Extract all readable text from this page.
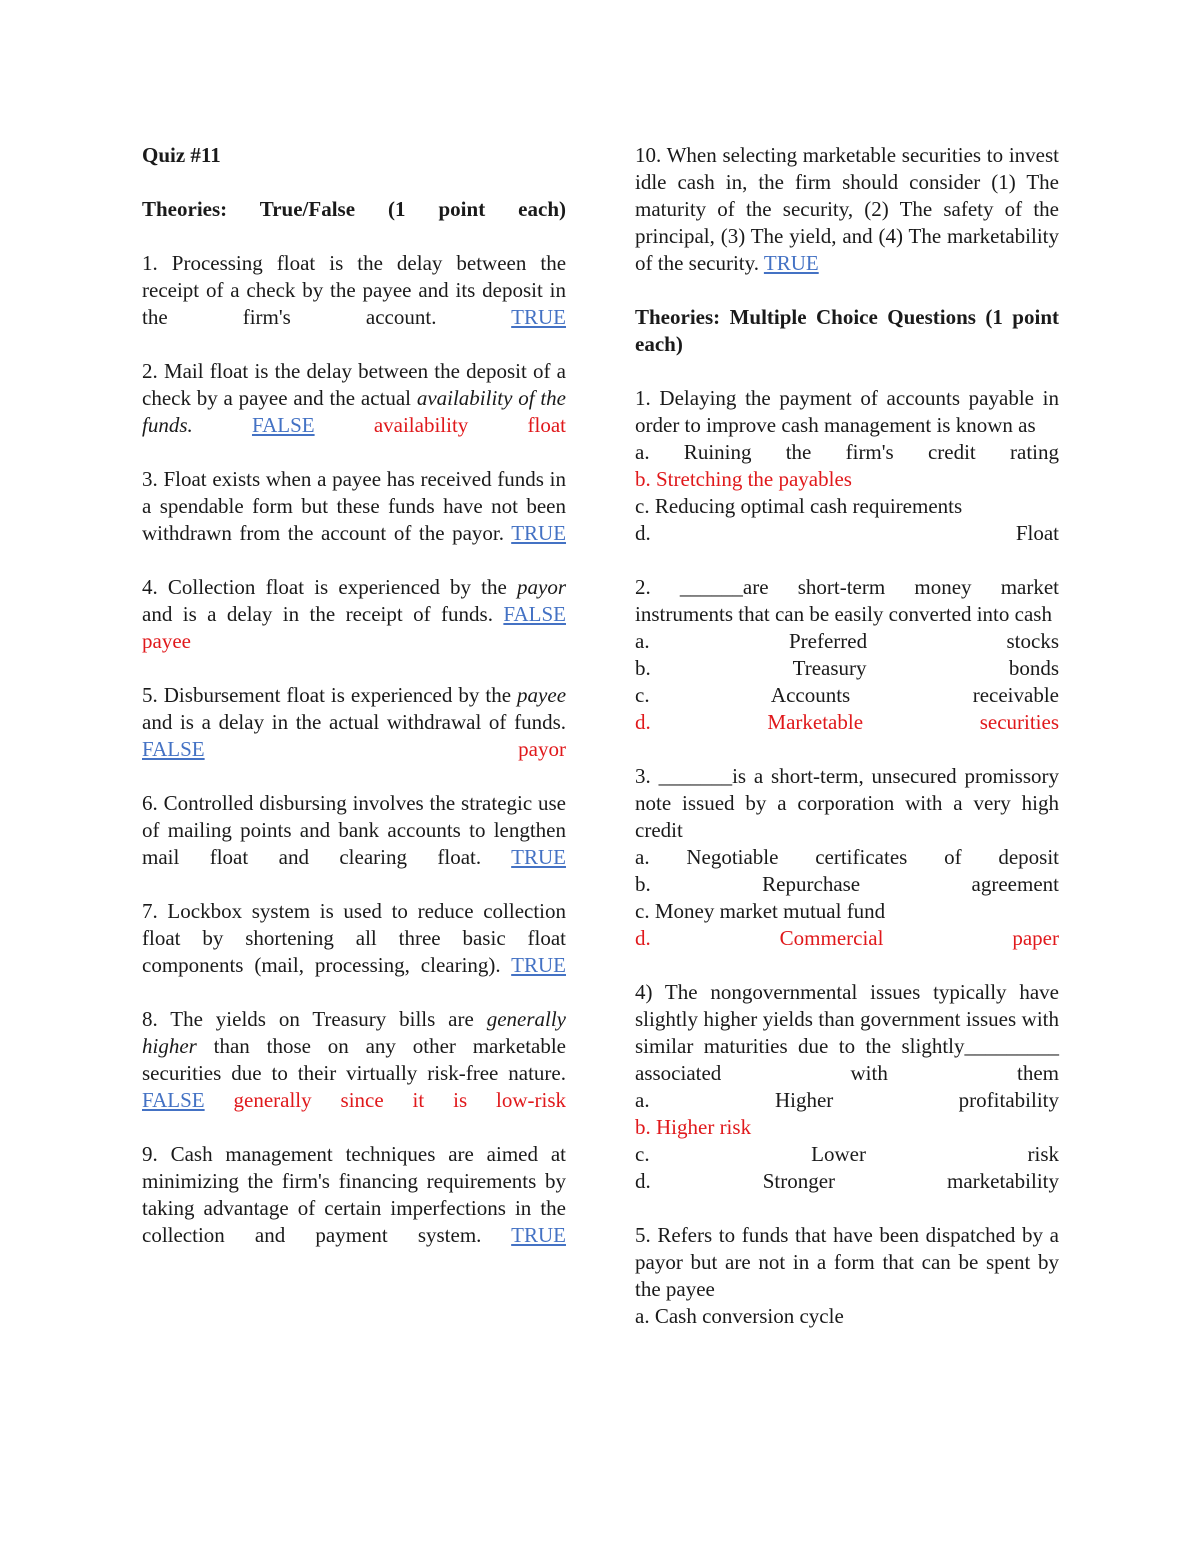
Quiz #11

Theories: True/False (1 point each)

1. Processing float is the delay between the receipt of a check by the payee and its deposit in the firm's account.	TRUE

2. Mail float is the delay between the deposit of a check by a payee and the actual availability of the funds.	FALSE	availability float

3. Float exists when a payee has received funds in a spendable form but these funds have not been withdrawn from the account of the payor. TRUE

4. Collection float is experienced by the payor and is a delay in the receipt of funds. FALSE payee

5. Disbursement float is experienced by the payee and is a delay in the actual withdrawal of funds. FALSE	payor

6. Controlled disbursing involves the strategic use of mailing points and bank accounts to lengthen mail float and clearing float. TRUE

7. Lockbox system is used to reduce collection float by shortening all three basic float components (mail, processing, clearing). TRUE

8. The yields on Treasury bills are generally higher than those on any other marketable securities due to their virtually risk-free nature. FALSE generally since it is low-risk

9. Cash management techniques are aimed at minimizing the firm's financing requirements by taking advantage of certain imperfections in the collection and payment system. TRUE

10. When selecting marketable securities to invest idle cash in, the firm should consider (1) The maturity of the security, (2) The safety of the principal, (3) The yield, and (4) The marketability of the security. TRUE

Theories: Multiple Choice Questions (1 point each)

1. Delaying the payment of accounts payable in order to improve cash management is known as

a. Ruining the firm's credit rating
b. Stretching the payables
c. Reducing optimal cash requirements
d. Float

2. ______are short-term money market instruments that can be easily converted into cash

a. Preferred stocks
b. Treasury bonds
c. Accounts receivable
d. Marketable securities

3. _______is a short-term, unsecured promissory note issued by a corporation with a very high credit

a. Negotiable certificates of deposit
b. Repurchase agreement
c. Money market mutual fund
d. Commercial paper

4) The nongovernmental issues typically have slightly higher yields than government issues with similar maturities due to the slightly_________ associated with them

a. Higher profitability
b. Higher risk
c. Lower risk
d. Stronger marketability

5. Refers to funds that have been dispatched by a payor but are not in a form that can be spent by the payee

a. Cash conversion cycle
